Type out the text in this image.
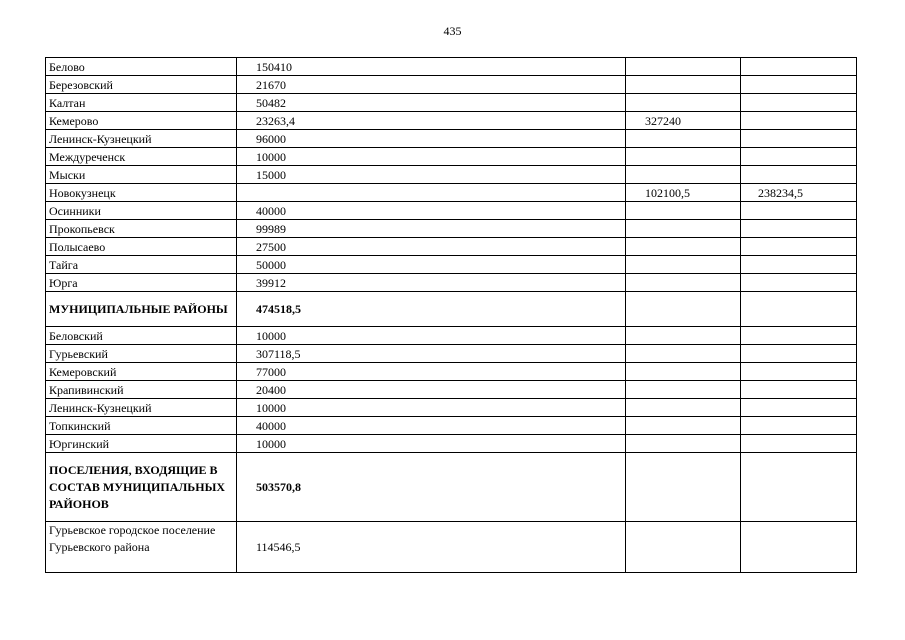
435
Белово	150410		
Березовский	21670		
Калтан	50482		
Кемерово	23263,4	327240	
Ленинск-Кузнецкий	96000		
Междуреченск	10000		
Мыски	15000		
Новокузнецк		102100,5	238234,5
Осинники	40000		
Прокопьевск	99989		
Полысаево	27500		
Тайга	50000		
Юрга	39912		
МУНИЦИПАЛЬНЫЕ РАЙОНЫ	474518,5		
Беловский	10000		
Гурьевский	307118,5		
Кемеровский	77000		
Крапивинский	20400		
Ленинск-Кузнецкий	10000		
Топкинский	40000		
Юргинский	10000		
ПОСЕЛЕНИЯ, ВХОДЯЩИЕ В СОСТАВ МУНИЦИПАЛЬНЫХ РАЙОНОВ	503570,8		
Гурьевское городское поселение Гурьевского района	114546,5		
